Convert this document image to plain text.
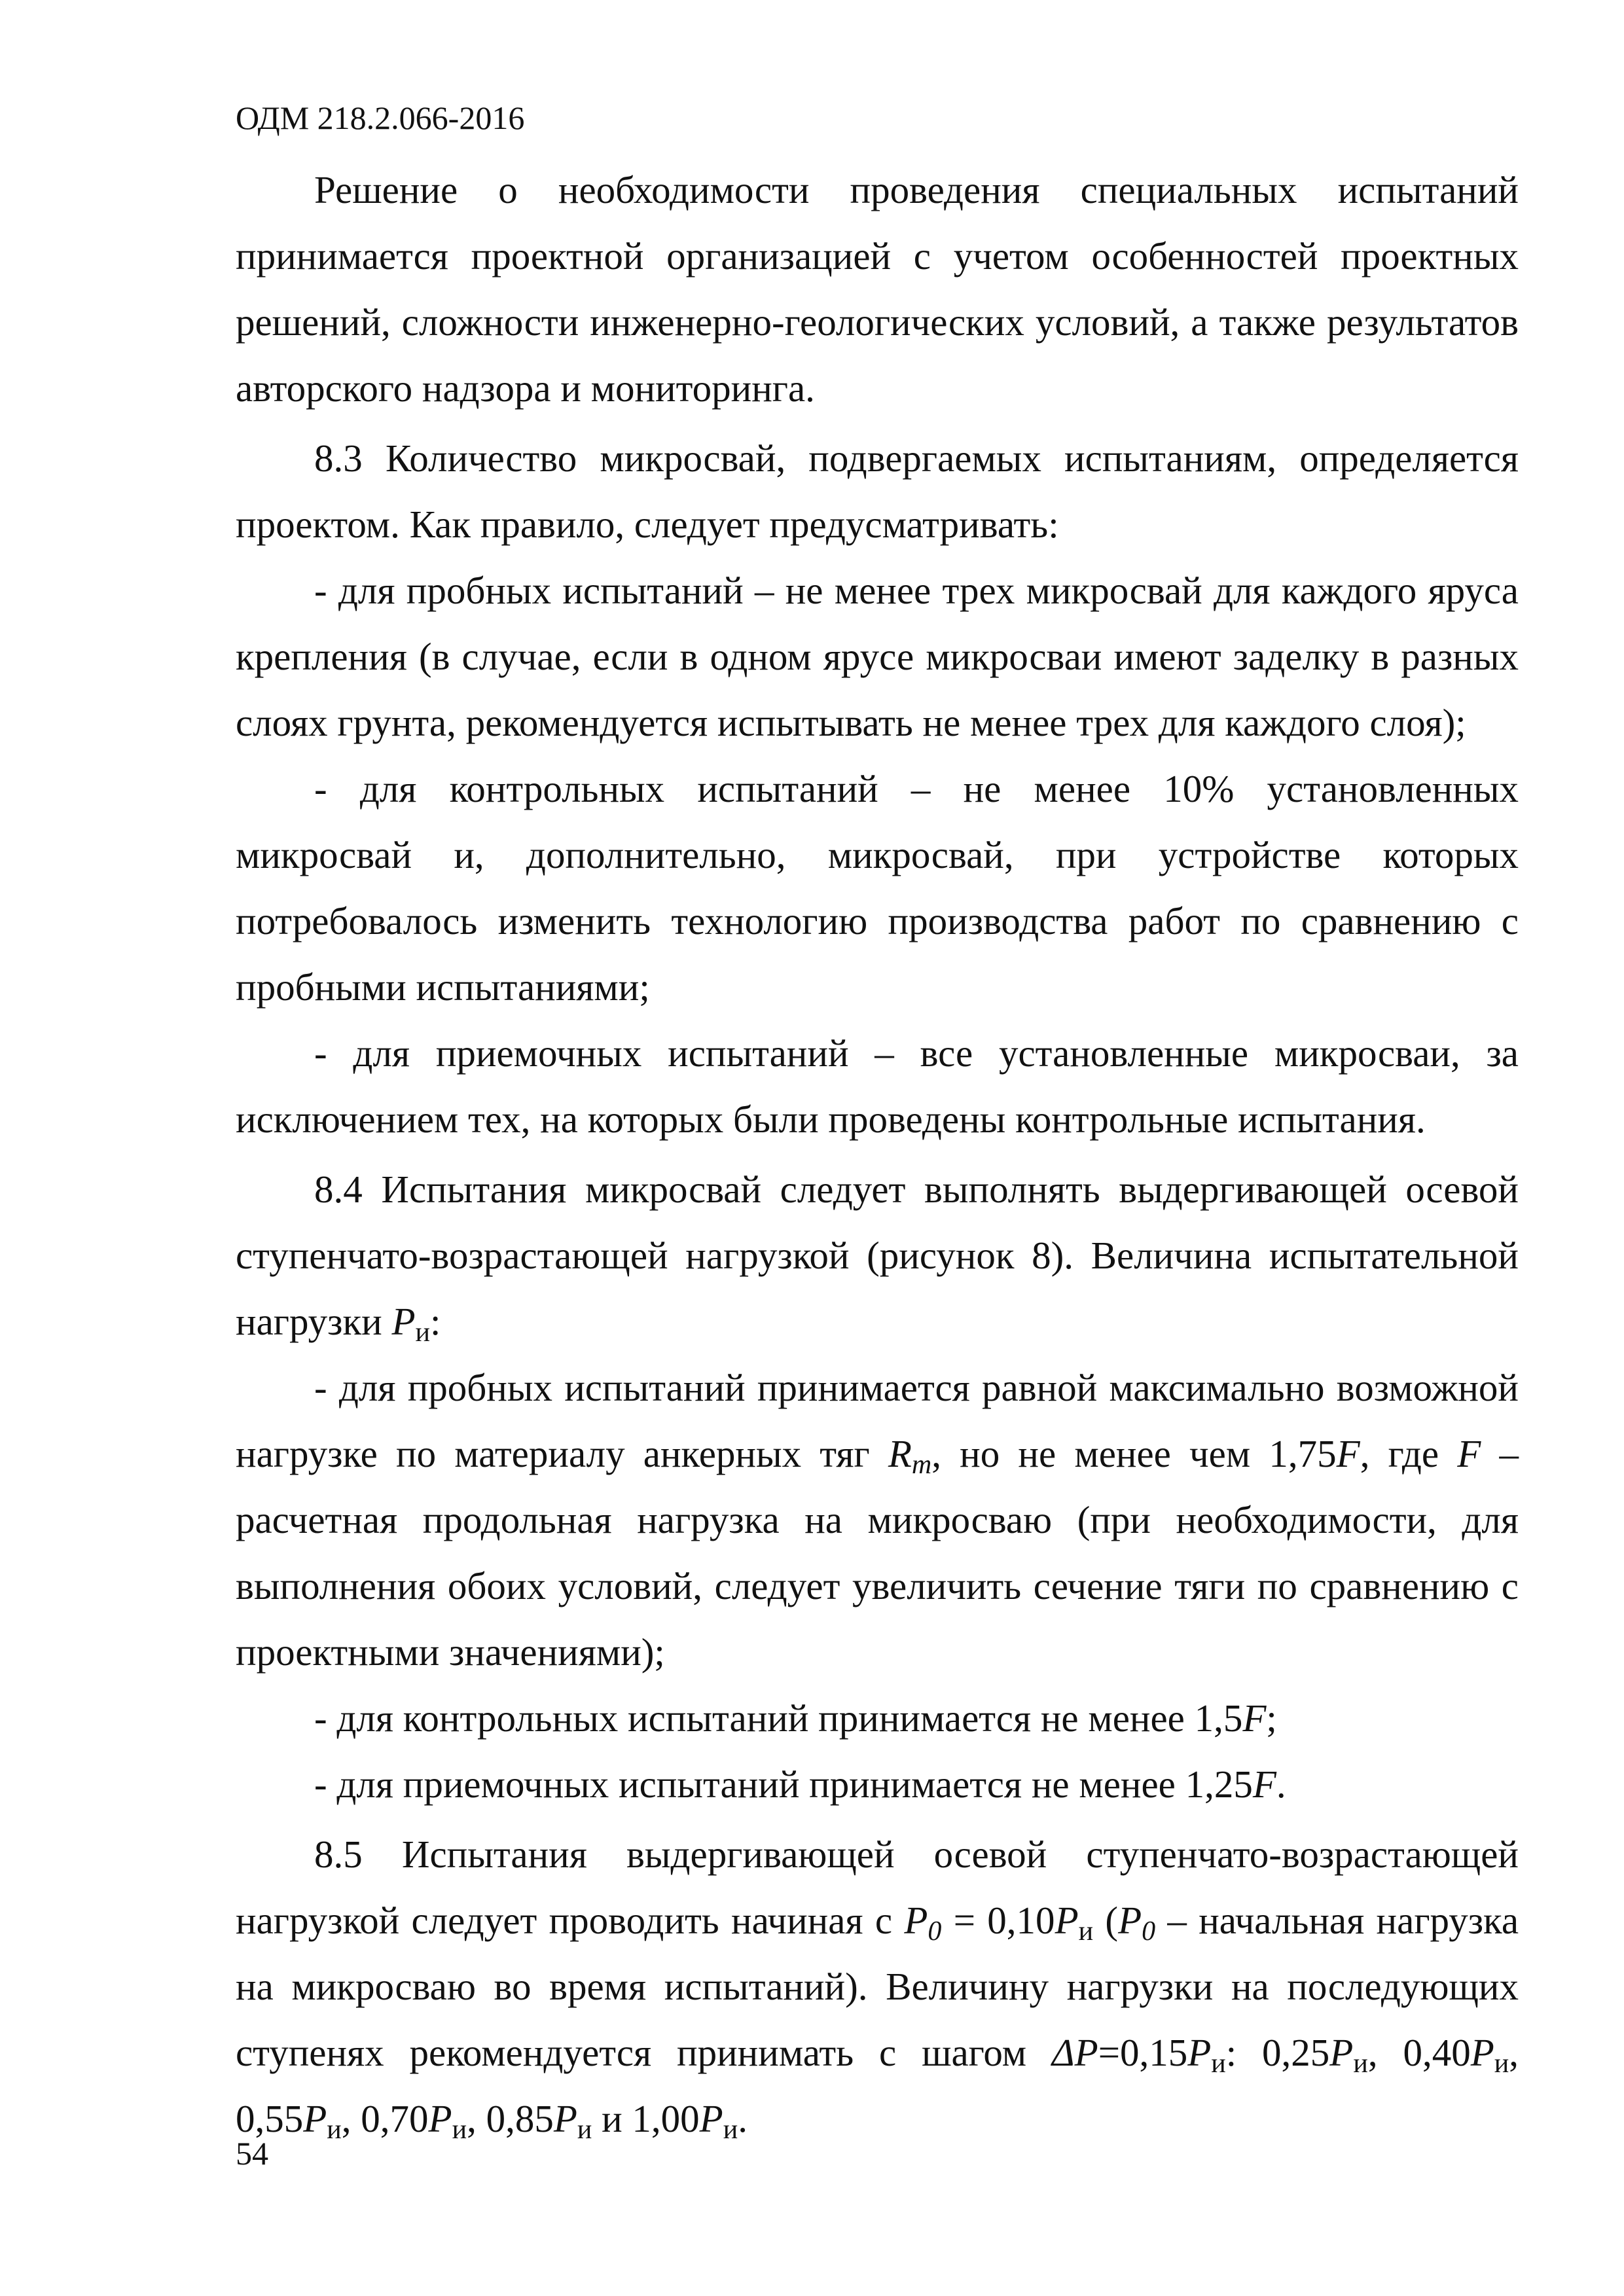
ОДМ 218.2.066-2016

Решение о необходимости проведения специальных испытаний принимается проектной организацией с учетом особенностей проектных решений, сложности инженерно-геологических условий, а также результатов авторского надзора и мониторинга.

8.3 Количество микросвай, подвергаемых испытаниям, определяется проектом. Как правило, следует предусматривать:

- для пробных испытаний – не менее трех микросвай для каждого яруса крепления (в случае, если в одном ярусе микросваи имеют заделку в разных слоях грунта, рекомендуется испытывать не менее трех для каждого слоя);

- для контрольных испытаний – не менее 10% установленных микросвай и, дополнительно, микросвай, при устройстве которых потребовалось изменить технологию производства работ по сравнению с пробными испытаниями;

- для приемочных испытаний – все установленные микросваи, за исключением тех, на которых были проведены контрольные испытания.

8.4 Испытания микросвай следует выполнять выдергивающей осевой ступенчато-возрастающей нагрузкой (рисунок 8). Величина испытательной нагрузки $P_и$:

- для пробных испытаний принимается равной максимально возможной нагрузке по материалу анкерных тяг Rm, но не менее чем 1,75F, где F – расчетная продольная нагрузка на микросваю (при необходимости, для выполнения обоих условий, следует увеличить сечение тяги по сравнению с проектными значениями);

- для контрольных испытаний принимается не менее 1,5F;

- для приемочных испытаний принимается не менее 1,25F.

8.5 Испытания выдергивающей осевой ступенчато-возрастающей нагрузкой следует проводить начиная с $P0 = 0,10P_и$ (P0 – начальная нагрузка на микросваю во время испытаний). Величину нагрузки на последующих ступенях рекомендуется принимать с шагом $\Delta P=0,15P_и$: $0,25P_и$, $0,40P_и$, $0,55P_и$, $0,70P_и$, $0,85P_и$ и $1,00P_и$.

54
